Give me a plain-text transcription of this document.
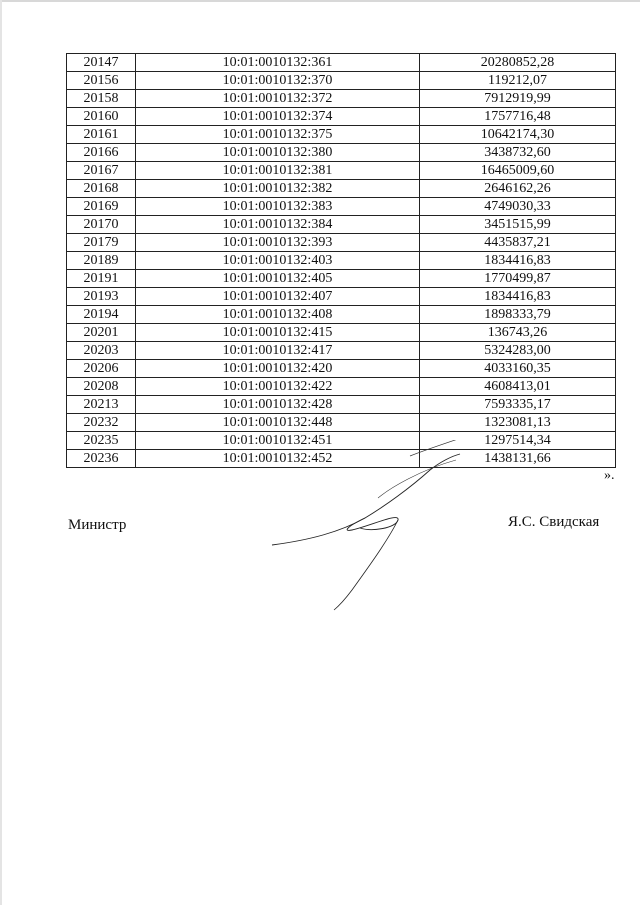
20147	10:01:0010132:361	20280852,28
20156	10:01:0010132:370	119212,07
20158	10:01:0010132:372	7912919,99
20160	10:01:0010132:374	1757716,48
20161	10:01:0010132:375	10642174,30
20166	10:01:0010132:380	3438732,60
20167	10:01:0010132:381	16465009,60
20168	10:01:0010132:382	2646162,26
20169	10:01:0010132:383	4749030,33
20170	10:01:0010132:384	3451515,99
20179	10:01:0010132:393	4435837,21
20189	10:01:0010132:403	1834416,83
20191	10:01:0010132:405	1770499,87
20193	10:01:0010132:407	1834416,83
20194	10:01:0010132:408	1898333,79
20201	10:01:0010132:415	136743,26
20203	10:01:0010132:417	5324283,00
20206	10:01:0010132:420	4033160,35
20208	10:01:0010132:422	4608413,01
20213	10:01:0010132:428	7593335,17
20232	10:01:0010132:448	1323081,13
20235	10:01:0010132:451	1297514,34
20236	10:01:0010132:452	1438131,66
».
Министр	Я.С. Свидская
